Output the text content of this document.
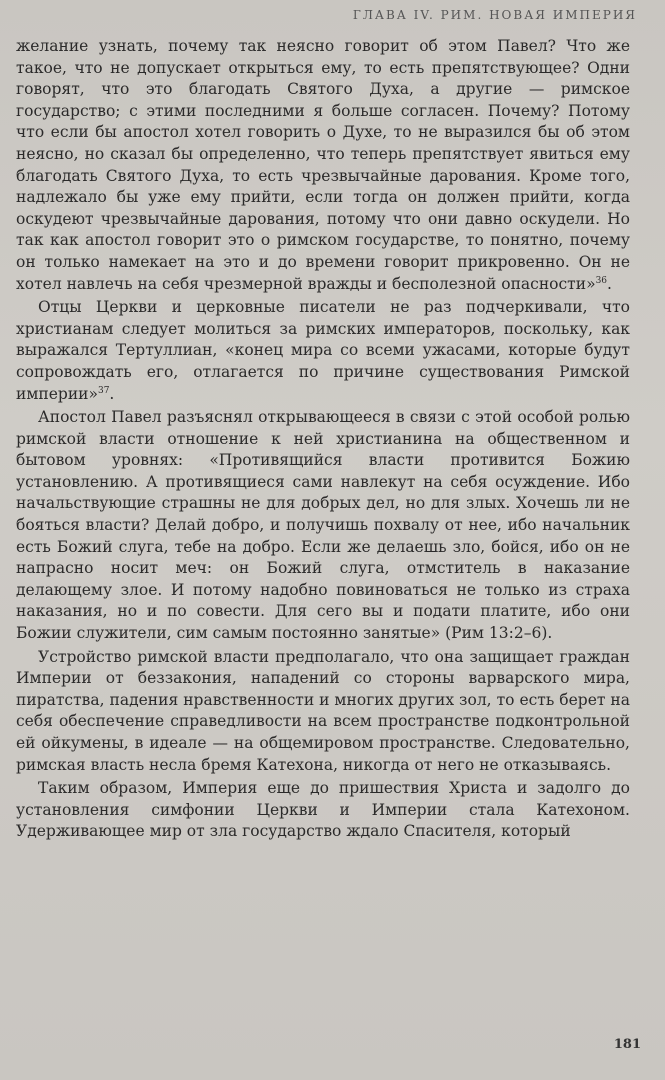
ГЛАВА IV. РИМ. НОВАЯ ИМПЕРИЯ

желание узнать, почему так неясно говорит об этом Павел? Что же такое, что не допускает открыться ему, то есть препятствующее? Одни говорят, что это благодать Святого Духа, а другие — римское государство; с этими последними я больше согласен. Почему? Потому что если бы апостол хотел говорить о Духе, то не выразился бы об этом неясно, но сказал бы определенно, что теперь препятствует явиться ему благодать Святого Духа, то есть чрезвычайные дарования. Кроме того, надлежало бы уже ему прийти, если тогда он должен прийти, когда оскудеют чрезвычайные дарования, потому что они давно оскудели. Но так как апостол говорит это о римском государстве, то понятно, почему он только намекает на это и до времени говорит прикровенно. Он не хотел навлечь на себя чрезмерной вражды и бесполезной опасности»$^{36}$.

Отцы Церкви и церковные писатели не раз подчеркивали, что христианам следует молиться за римских императоров, поскольку, как выражался Тертуллиан, «конец мира со всеми ужасами, которые будут сопровождать его, отлагается по причине существования Римской империи»$^{37}$.

Апостол Павел разъяснял открывающееся в связи с этой особой ролью римской власти отношение к ней христианина на общественном и бытовом уровнях: «Противящийся власти противится Божию установлению. А противящиеся сами навлекут на себя осуждение. Ибо начальствующие страшны не для добрых дел, но для злых. Хочешь ли не бояться власти? Делай добро, и получишь похвалу от нее, ибо начальник есть Божий слуга, тебе на добро. Если же делаешь зло, бойся, ибо он не напрасно носит меч: он Божий слуга, отмститель в наказание делающему злое. И потому надобно повиноваться не только из страха наказания, но и по совести. Для сего вы и подати платите, ибо они Божии служители, сим самым постоянно занятые» (Рим 13:2–6).

Устройство римской власти предполагало, что она защищает граждан Империи от беззакония, нападений со стороны варварского мира, пиратства, падения нравственности и многих других зол, то есть берет на себя обеспечение справедливости на всем пространстве подконтрольной ей ойкумены, в идеале — на общемировом пространстве. Следовательно, римская власть несла бремя Катехона, никогда от него не отказываясь.

Таким образом, Империя еще до пришествия Христа и задолго до установления симфонии Церкви и Империи стала Катехоном. Удерживающее мир от зла государство ждало Спасителя, который

181
